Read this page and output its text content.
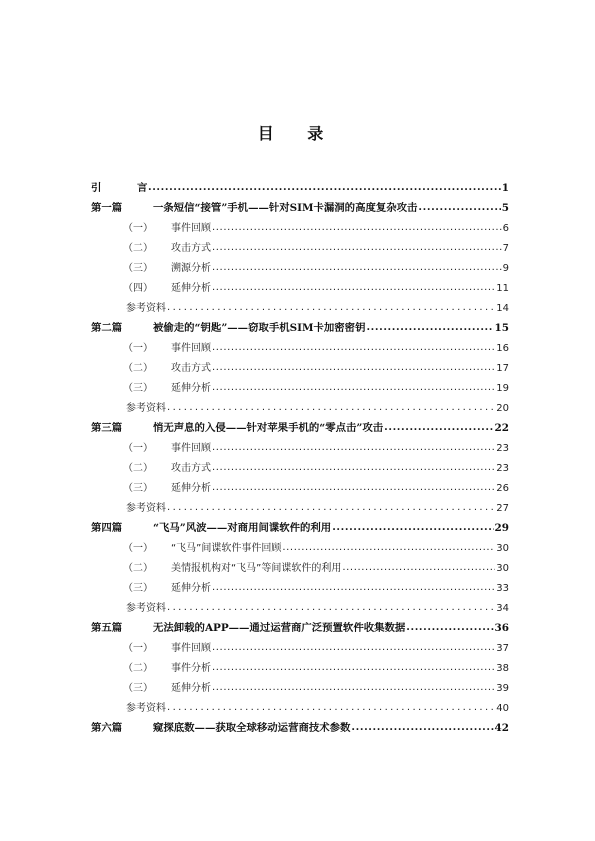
目 录
引 言 .....	1
第一篇	一条短信“接管”手机——针对SIM卡漏洞的高度复杂攻击 .....	5
（一）	事件回顾 .....	6
（二）	攻击方式 .....	7
（三）	溯源分析 .....	9
（四）	延伸分析 .....	11
参考资料 .....	14
第二篇	被偷走的“钥匙”——窃取手机SIM卡加密密钥 .....	15
（一）	事件回顾 .....	16
（二）	攻击方式 .....	17
（三）	延伸分析 .....	19
参考资料 .....	20
第三篇	悄无声息的入侵——针对苹果手机的“零点击”攻击 .....	22
（一）	事件回顾 .....	23
（二）	攻击方式 .....	23
（三）	延伸分析 .....	26
参考资料 .....	27
第四篇	“飞马”风波——对商用间谍软件的利用 .....	29
（一）	“飞马”间谍软件事件回顾 .....	30
（二）	美情报机构对“飞马”等间谍软件的利用 .....	30
（三）	延伸分析 .....	33
参考资料 .....	34
第五篇	无法卸载的APP——通过运营商广泛预置软件收集数据 .....	36
（一）	事件回顾 .....	37
（二）	事件分析 .....	38
（三）	延伸分析 .....	39
参考资料 .....	40
第六篇	窥探底数——获取全球移动运营商技术参数 .....	42
